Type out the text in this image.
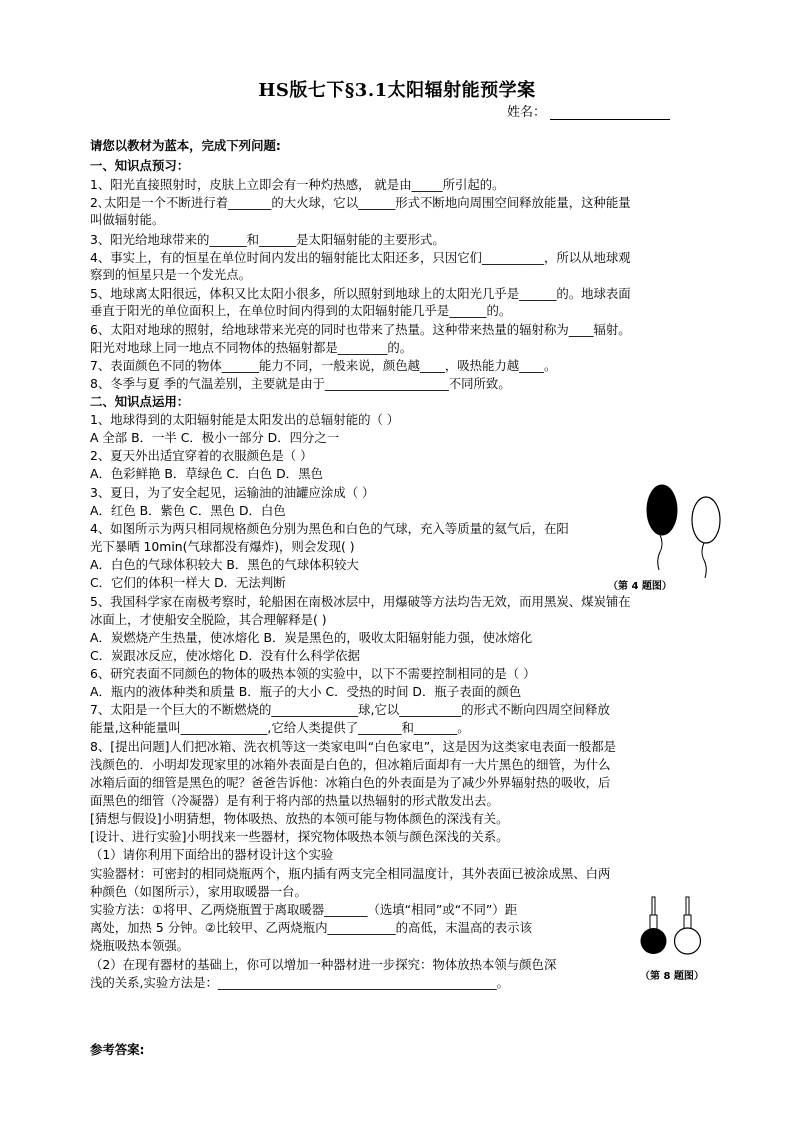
HS版七下§3.1太阳辐射能预学案
姓名：
请您以教材为蓝本，完成下列问题:
一、知识点预习：
1、阳光直接照射时，皮肤上立即会有一种灼热感， 就是由_____所引起的。
2､太阳是一个不断进行着_______的大火球，它以______形式不断地向周围空间释放能量，这种能量
叫做辐射能。
3、阳光给地球带来的______和______是太阳辐射能的主要形式。
4、事实上，有的恒星在单位时间内发出的辐射能比太阳还多，只因它们__________，所以从地球观
察到的恒星只是一个发光点。
5、地球离太阳很远，体积又比太阳小很多，所以照射到地球上的太阳光几乎是______的。地球表面
垂直于阳光的单位面积上，在单位时间内得到的太阳辐射能几乎是______的。
6、太阳对地球的照射，给地球带来光亮的同时也带来了热量。这种带来热量的辐射称为____辐射。
阳光对地球上同一地点不同物体的热辐射都是________的。
7、表面颜色不同的物体______能力不同，一般来说，颜色越____，吸热能力越____。
8、冬季与夏 季的气温差别，主要就是由于____________________不同所致。
二、知识点运用：
1、地球得到的太阳辐射能是太阳发出的总辐射能的（ ）
A 全部 B．一半 C．极小一部分 D．四分之一
2、夏天外出适宜穿着的衣服颜色是（ ）
A．色彩鲜艳 B．草绿色 C．白色 D．黑色
3、夏日，为了安全起见，运输油的油罐应涂成（ ）
A．红色 B．紫色 C．黑色 D．白色
4、如图所示为两只相同规格颜色分别为黑色和白色的气球，充入等质量的氦气后，在阳
光下暴晒 10min(气球都没有爆炸)，则会发现( )
A．白色的气球体积较大 B．黑色的气球体积较大
C．它们的体积一样大 D．无法判断
5、我国科学家在南极考察时，轮船困在南极冰层中，用爆破等方法均告无效，而用黑炭、煤炭铺在
冰面上，才使船安全脱险，其合理解释是( )
A．炭燃烧产生热量，使冰熔化 B．炭是黑色的，吸收太阳辐射能力强，使冰熔化
C．炭跟冰反应，使冰熔化 D．没有什么科学依据
6、研究表面不同颜色的物体的吸热本领的实验中，以下不需要控制相同的是（ ）
A．瓶内的液体种类和质量 B．瓶子的大小 C．受热的时间 D．瓶子表面的颜色
7、太阳是一个巨大的不断燃烧的______________球,它以__________的形式不断向四周空间释放
能量,这种能量叫______________,它给人类提供了_______和_______。
8、[提出问题]人们把冰箱、洗衣机等这一类家电叫“白色家电”，这是因为这类家电表面一般都是
浅颜色的．小明却发现家里的冰箱外表面是白色的，但冰箱后面却有一大片黑色的细管，为什么
冰箱后面的细管是黑色的呢？爸爸告诉他：冰箱白色的外表面是为了减少外界辐射热的吸收，后
面黑色的细管（冷凝器）是有利于将内部的热量以热辐射的形式散发出去。
[猜想与假设]小明猜想，物体吸热、放热的本领可能与物体颜色的深浅有关。
[设计、进行实验]小明找来一些器材，探究物体吸热本领与颜色深浅的关系。
（1）请你利用下面给出的器材设计这个实验
实验器材：可密封的相同烧瓶两个，瓶内插有两支完全相同温度计，其外表面已被涂成黑、白两
种颜色（如图所示），家用取暖器一台。
实验方法：①将甲、乙两烧瓶置于离取暖器_______（选填“相同”或“不同”）距
离处，加热 5 分钟。②比较甲、乙两烧瓶内___________的高低，末温高的表示该
烧瓶吸热本领强。
（2）在现有器材的基础上，你可以增加一种器材进一步探究：物体放热本领与颜色深
浅的关系,实验方法是：_____________________________________________。
参考答案:
（第 4 题图）
（第 8 题图）
